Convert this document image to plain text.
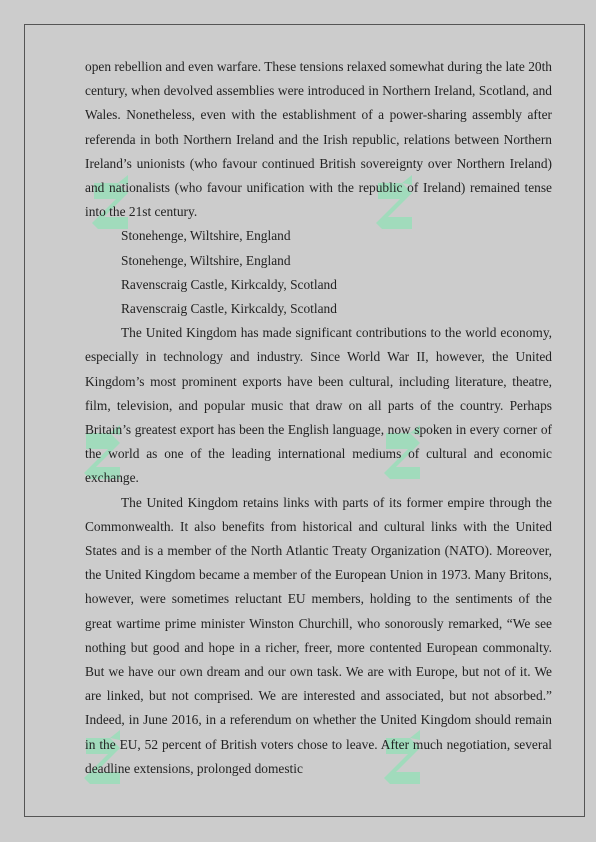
open rebellion and even warfare. These tensions relaxed somewhat during the late 20th century, when devolved assemblies were introduced in Northern Ireland, Scotland, and Wales. Nonetheless, even with the establishment of a power-sharing assembly after referenda in both Northern Ireland and the Irish republic, relations between Northern Ireland’s unionists (who favour continued British sovereignty over Northern Ireland) and nationalists (who favour unification with the republic of Ireland) remained tense into the 21st century.

Stonehenge, Wiltshire, England

Stonehenge, Wiltshire, England

Ravenscraig Castle, Kirkcaldy, Scotland

Ravenscraig Castle, Kirkcaldy, Scotland

The United Kingdom has made significant contributions to the world economy, especially in technology and industry. Since World War II, however, the United Kingdom’s most prominent exports have been cultural, including literature, theatre, film, television, and popular music that draw on all parts of the country. Perhaps Britain’s greatest export has been the English language, now spoken in every corner of the world as one of the leading international mediums of cultural and economic exchange.

The United Kingdom retains links with parts of its former empire through the Commonwealth. It also benefits from historical and cultural links with the United States and is a member of the North Atlantic Treaty Organization (NATO). Moreover, the United Kingdom became a member of the European Union in 1973. Many Britons, however, were sometimes reluctant EU members, holding to the sentiments of the great wartime prime minister Winston Churchill, who sonorously remarked, “We see nothing but good and hope in a richer, freer, more contented European commonalty. But we have our own dream and our own task. We are with Europe, but not of it. We are linked, but not comprised. We are interested and associated, but not absorbed.” Indeed, in June 2016, in a referendum on whether the United Kingdom should remain in the EU, 52 percent of British voters chose to leave. After much negotiation, several deadline extensions, prolonged domestic
